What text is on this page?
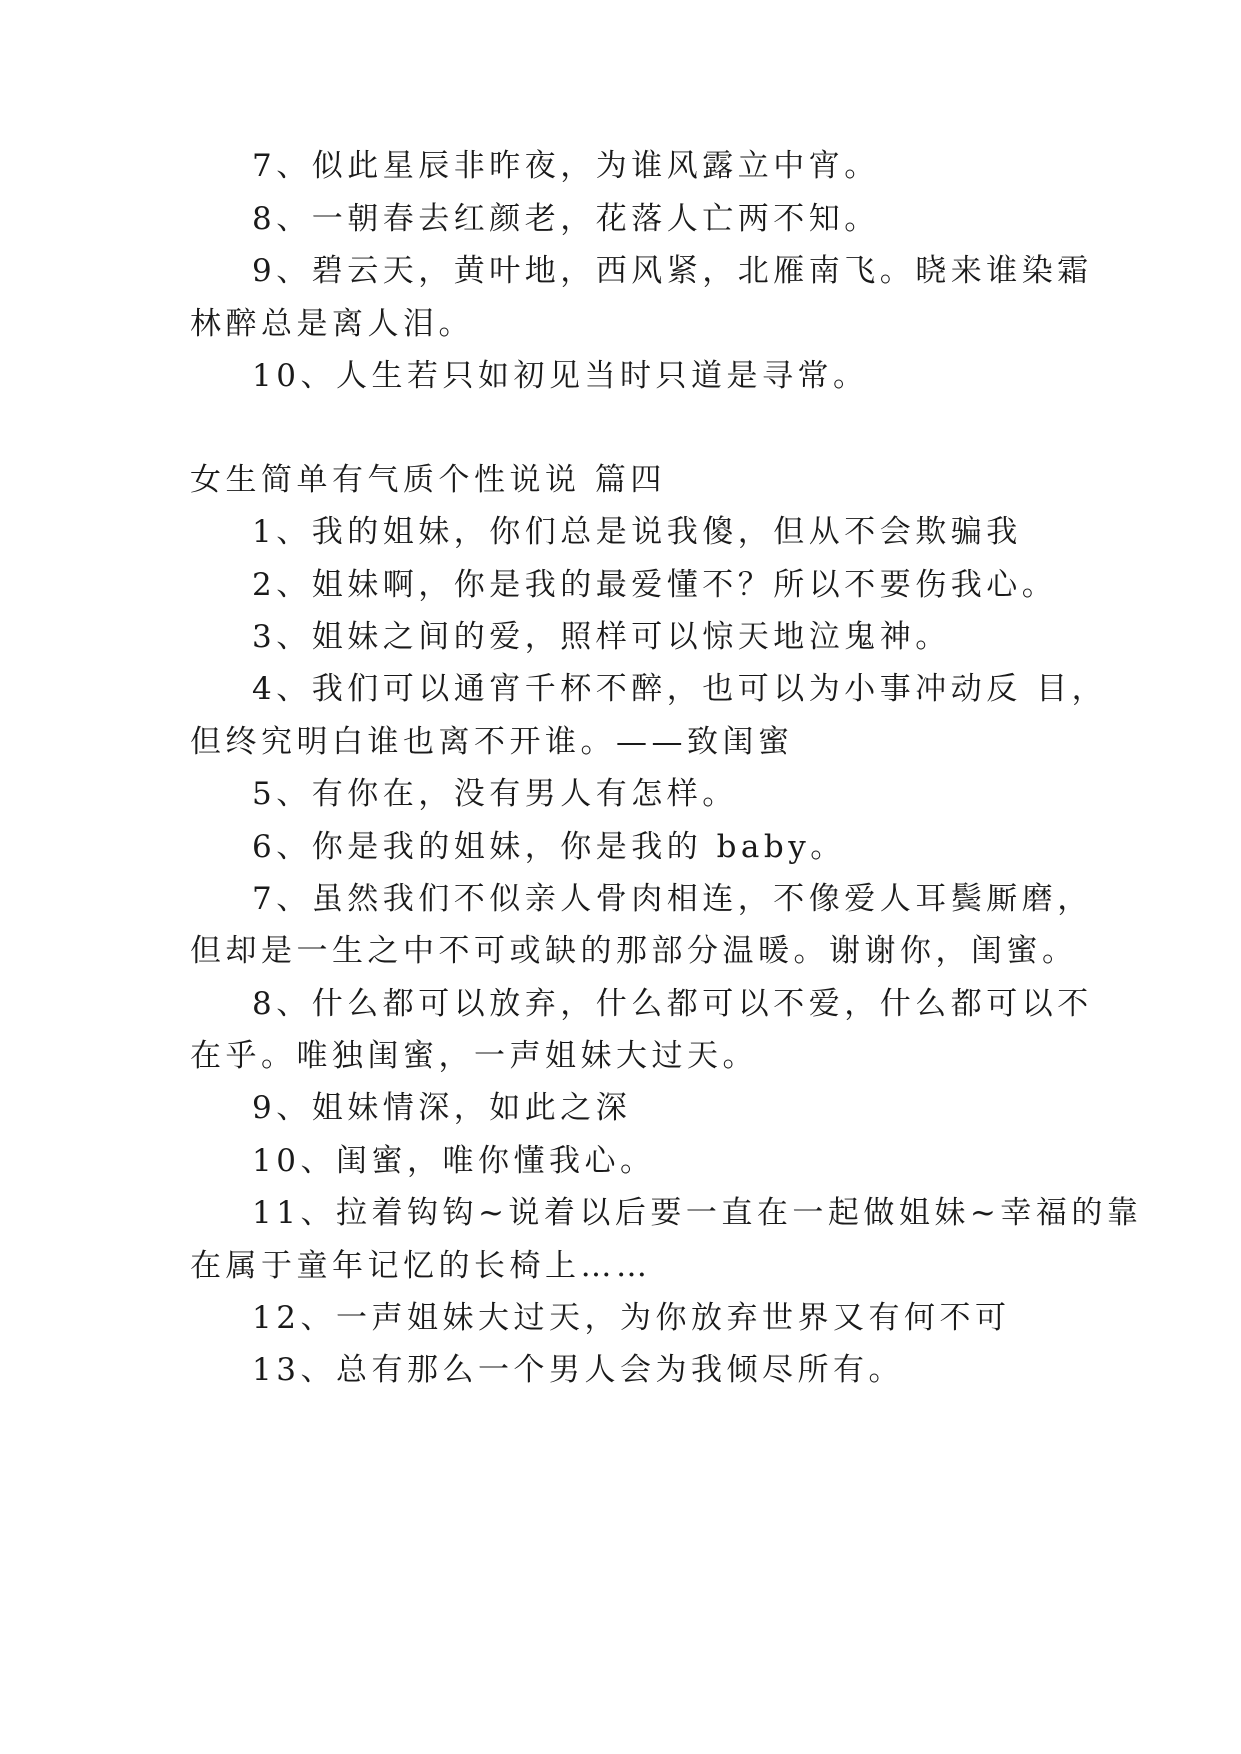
7、似此星辰非昨夜，为谁风露立中宵。
8、一朝春去红颜老，花落人亡两不知。
9、碧云天，黄叶地，西风紧，北雁南飞。晓来谁染霜
林醉总是离人泪。
10、人生若只如初见当时只道是寻常。
女生简单有气质个性说说 篇四
1、我的姐妹，你们总是说我傻，但从不会欺骗我
2、姐妹啊，你是我的最爱懂不？所以不要伤我心。
3、姐妹之间的爱，照样可以惊天地泣鬼神。
4、我们可以通宵千杯不醉，也可以为小事冲动反 目，
但终究明白谁也离不开谁。——致闺蜜
5、有你在，没有男人有怎样。
6、你是我的姐妹，你是我的 baby。
7、虽然我们不似亲人骨肉相连，不像爱人耳鬓厮磨，
但却是一生之中不可或缺的那部分温暖。谢谢你，闺蜜。
8、什么都可以放弃，什么都可以不爱，什么都可以不
在乎。唯独闺蜜，一声姐妹大过天。
9、姐妹情深，如此之深
10、闺蜜，唯你懂我心。
11、拉着钩钩~说着以后要一直在一起做姐妹~幸福的靠
在属于童年记忆的长椅上……
12、一声姐妹大过天，为你放弃世界又有何不可
13、总有那么一个男人会为我倾尽所有。
